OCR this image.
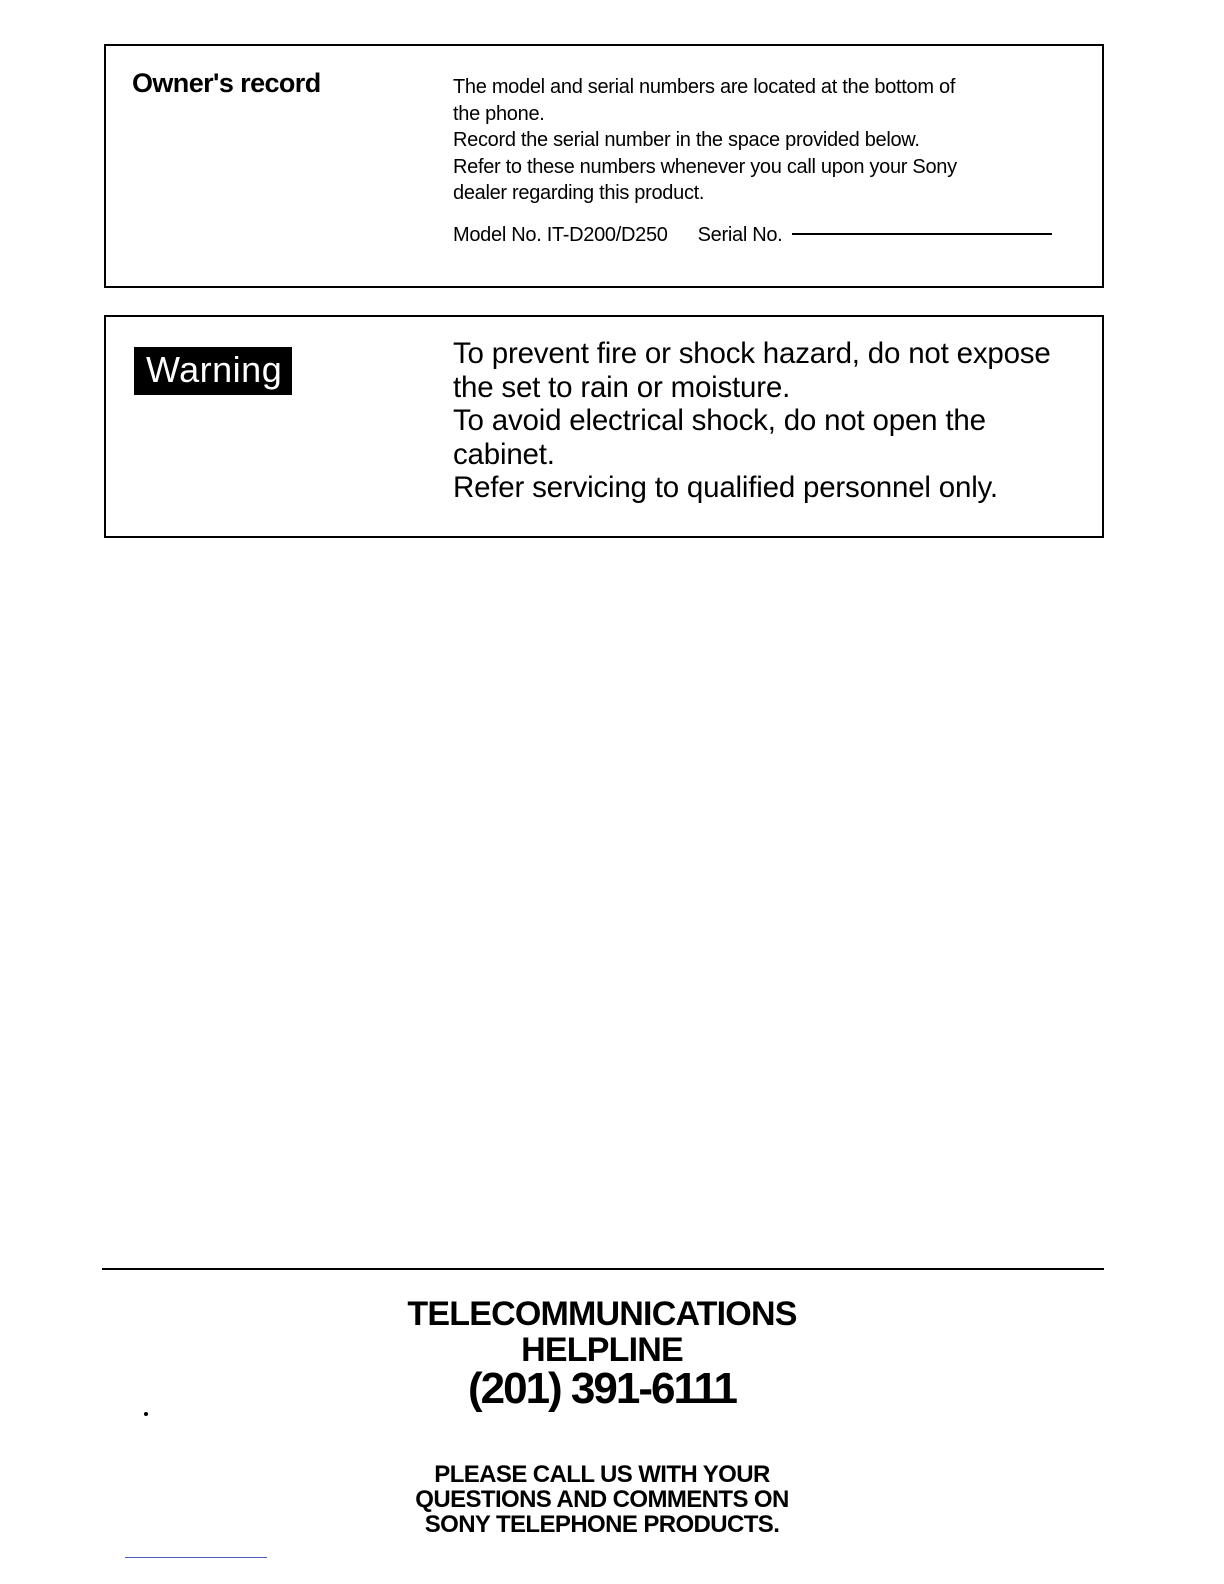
Owner's record	The model and serial numbers are located at the bottom of

the phone.

Record the serial number in the space provided below.

Refer to these numbers whenever you call upon your Sony

dealer regarding this product.

Model No. IT-D200/D250 Serial No.

Warning	To prevent fire or shock hazard, do not expose

the set to rain or moisture.

To avoid electrical shock, do not open the

cabinet.

Refer servicing to qualified personnel only.

TELECOMMUNICATIONS
HELPLINE
(201) 391-6111
PLEASE CALL US WITH YOUR
QUESTIONS AND COMMENTS ON
SONY TELEPHONE PRODUCTS.
